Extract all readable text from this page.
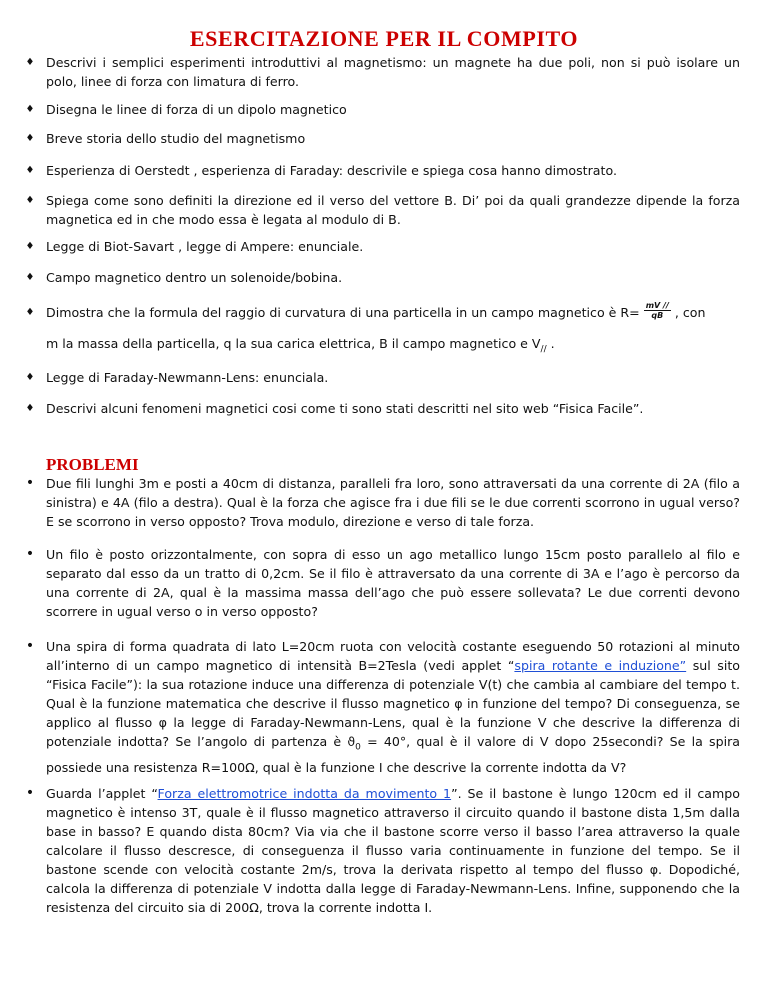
ESERCITAZIONE PER IL COMPITO
♦ Descrivi i semplici esperimenti introduttivi al magnetismo: un magnete ha due poli, non si può isolare un polo, linee di forza con limatura di ferro.
♦ Disegna le linee di forza di un dipolo magnetico
♦ Breve storia dello studio del magnetismo
♦ Esperienza di Oerstedt , esperienza di Faraday: descrivile e spiega cosa hanno dimostrato.
♦ Spiega come sono definiti la direzione ed il verso del vettore B. Di’ poi da quali grandezze dipende la forza magnetica ed in che modo essa è legata al modulo di B.
♦ Legge di Biot-Savart , legge di Ampere: enunciale.
♦ Campo magnetico dentro un solenoide/bobina.
♦ Dimostra che la formula del raggio di curvatura di una particella in un campo magnetico è $R= \frac{mV //}{qB}$ , con
m la massa della particella, q la sua carica elettrica, B il campo magnetico e $V_{//}$ .
♦ Legge di Faraday-Newmann-Lens: enunciala.
♦ Descrivi alcuni fenomeni magnetici cosi come ti sono stati descritti nel sito web “Fisica Facile”.
PROBLEMI
• Due fili lunghi 3m e posti a 40cm di distanza, paralleli fra loro, sono attraversati da una corrente di 2A (filo a sinistra) e 4A (filo a destra). Qual è la forza che agisce fra i due fili se le due correnti scorrono in ugual verso? E se scorrono in verso opposto? Trova modulo, direzione e verso di tale forza.
• Un filo è posto orizzontalmente, con sopra di esso un ago metallico lungo 15cm posto parallelo al filo e separato dal esso da un tratto di 0,2cm. Se il filo è attraversato da una corrente di 3A e l’ago è percorso da una corrente di 2A, qual è la massima massa dell’ago che può essere sollevata? Le due correnti devono scorrere in ugual verso o in verso opposto?
• Una spira di forma quadrata di lato L=20cm ruota con velocità costante eseguendo 50 rotazioni al minuto all’interno di un campo magnetico di intensità B=2Tesla (vedi applet “spira rotante e induzione” sul sito “Fisica Facile”): la sua rotazione induce una differenza di potenziale V(t) che cambia al cambiare del tempo t. Qual è la funzione matematica che descrive il flusso magnetico φ in funzione del tempo? Di conseguenza, se applico al flusso φ la legge di Faraday-Newmann-Lens, qual è la funzione V che descrive la differenza di potenziale indotta? Se l’angolo di partenza è $ϑ_0 = 40^\circ$, qual è il valore di V dopo 25secondi? Se la spira possiede una resistenza R=100Ω, qual è la funzione I che descrive la corrente indotta da V?
• Guarda l’applet “Forza elettromotrice indotta da movimento 1”. Se il bastone è lungo 120cm ed il campo magnetico è intenso 3T, quale è il flusso magnetico attraverso il circuito quando il bastone dista 1,5m dalla base in basso? E quando dista 80cm? Via via che il bastone scorre verso il basso l’area attraverso la quale calcolare il flusso descresce, di conseguenza il flusso varia continuamente in funzione del tempo. Se il bastone scende con velocità costante 2m/s, trova la derivata rispetto al tempo del flusso φ. Dopodiché, calcola la differenza di potenziale V indotta dalla legge di Faraday-Newmann-Lens. Infine, supponendo che la resistenza del circuito sia di 200Ω, trova la corrente indotta I.
